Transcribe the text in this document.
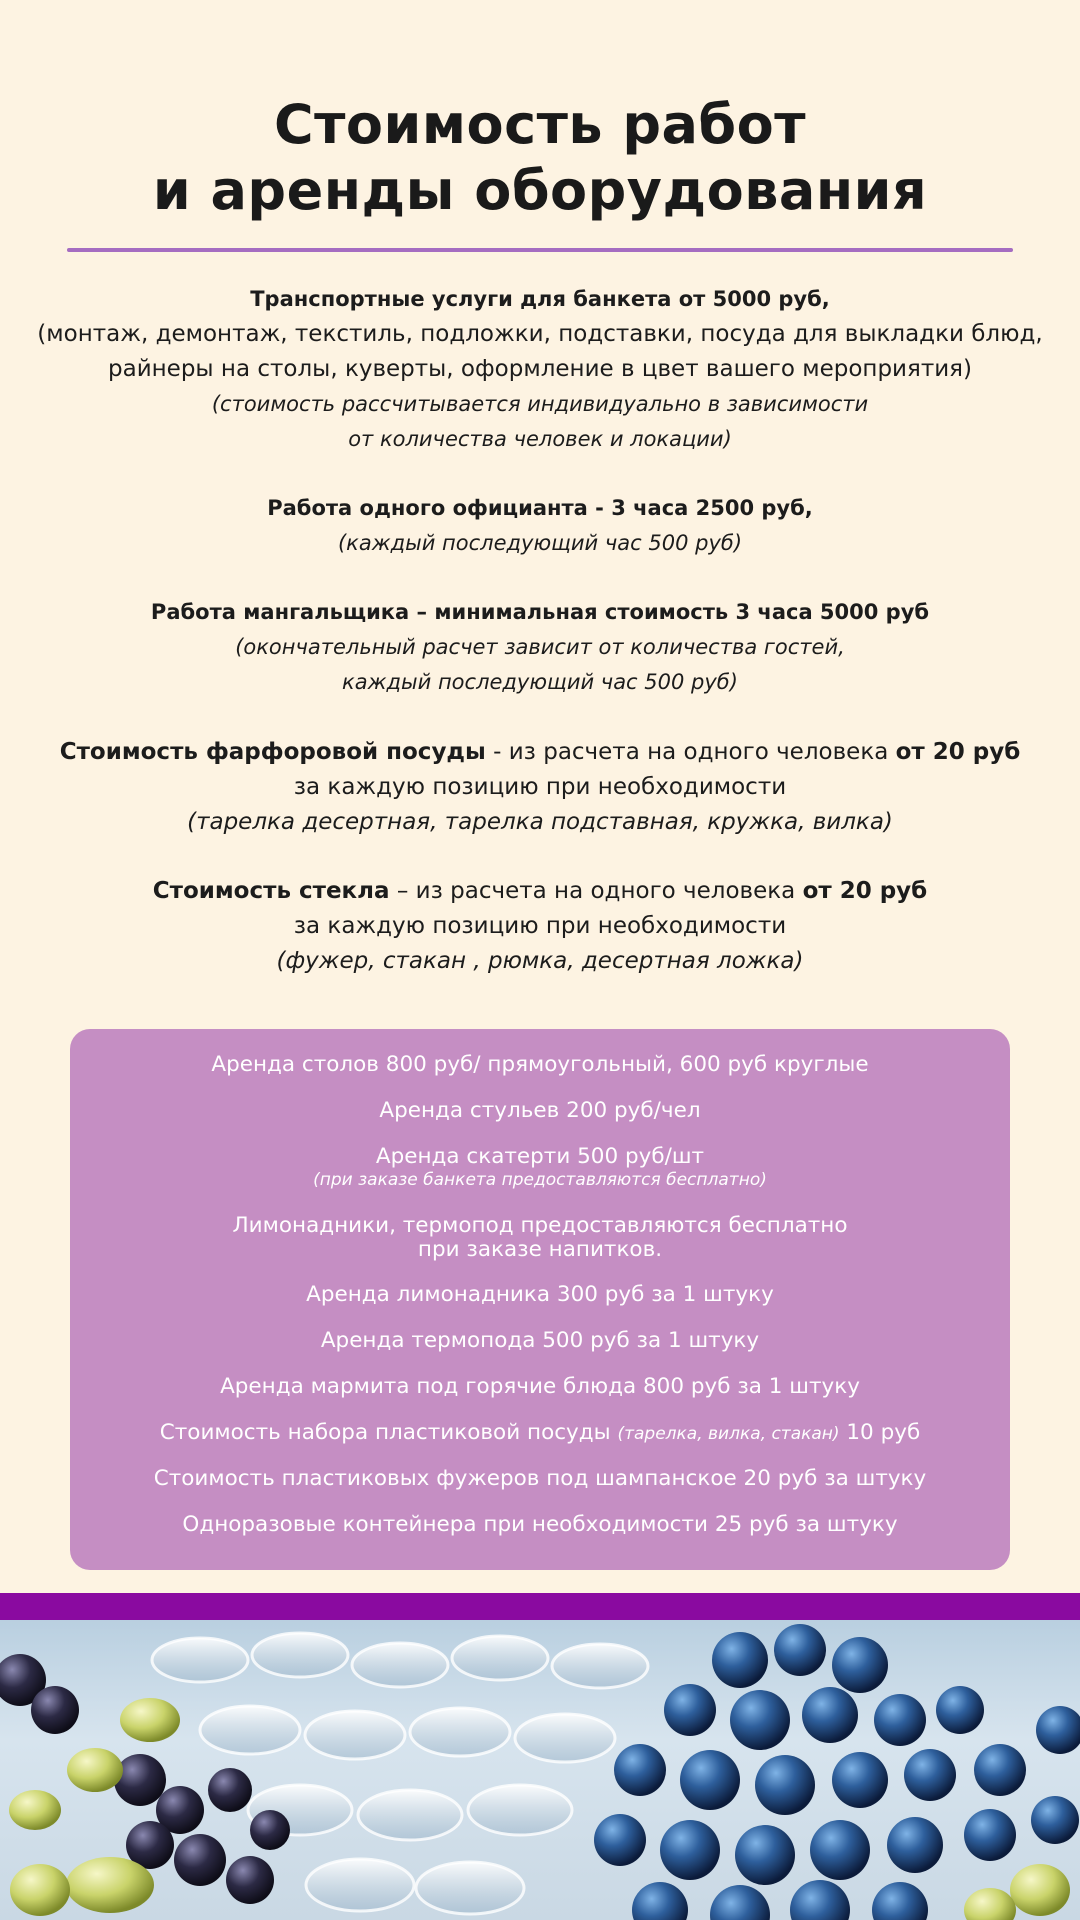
Стоимость работ
и аренды оборудования
Транспортные услуги для банкета от 5000 руб,
(монтаж, демонтаж, текстиль, подложки, подставки, посуда для выкладки блюд,
райнеры на столы, куверты, оформление в цвет вашего мероприятия)
(стоимость рассчитывается индивидуально в зависимости
от количества человек и локации)
Работа одного официанта - 3 часа 2500 руб,
(каждый последующий час 500 руб)
Работа мангальщика – минимальная стоимость 3 часа 5000 руб
(окончательный расчет зависит от количества гостей,
каждый последующий час 500 руб)
Стоимость фарфоровой посуды - из расчета на одного человека от 20 руб
за каждую позицию при необходимости
(тарелка десертная, тарелка подставная, кружка, вилка)
Стоимость стекла – из расчета на одного человека от 20 руб
за каждую позицию при необходимости
(фужер, стакан , рюмка, десертная ложка)
Аренда столов 800 руб/ прямоугольный, 600 руб круглые
Аренда стульев 200 руб/чел
Аренда скатерти 500 руб/шт
(при заказе банкета предоставляются бесплатно)
Лимонадники, термопод предоставляются бесплатно
при заказе напитков.
Аренда лимонадника 300 руб за 1 штуку
Аренда термопода 500 руб за 1 штуку
Аренда мармита под горячие блюда 800 руб за 1 штуку
Стоимость набора пластиковой посуды (тарелка, вилка, стакан) 10 руб
Стоимость пластиковых фужеров под шампанское 20 руб за штуку
Одноразовые контейнера при необходимости 25 руб за штуку
